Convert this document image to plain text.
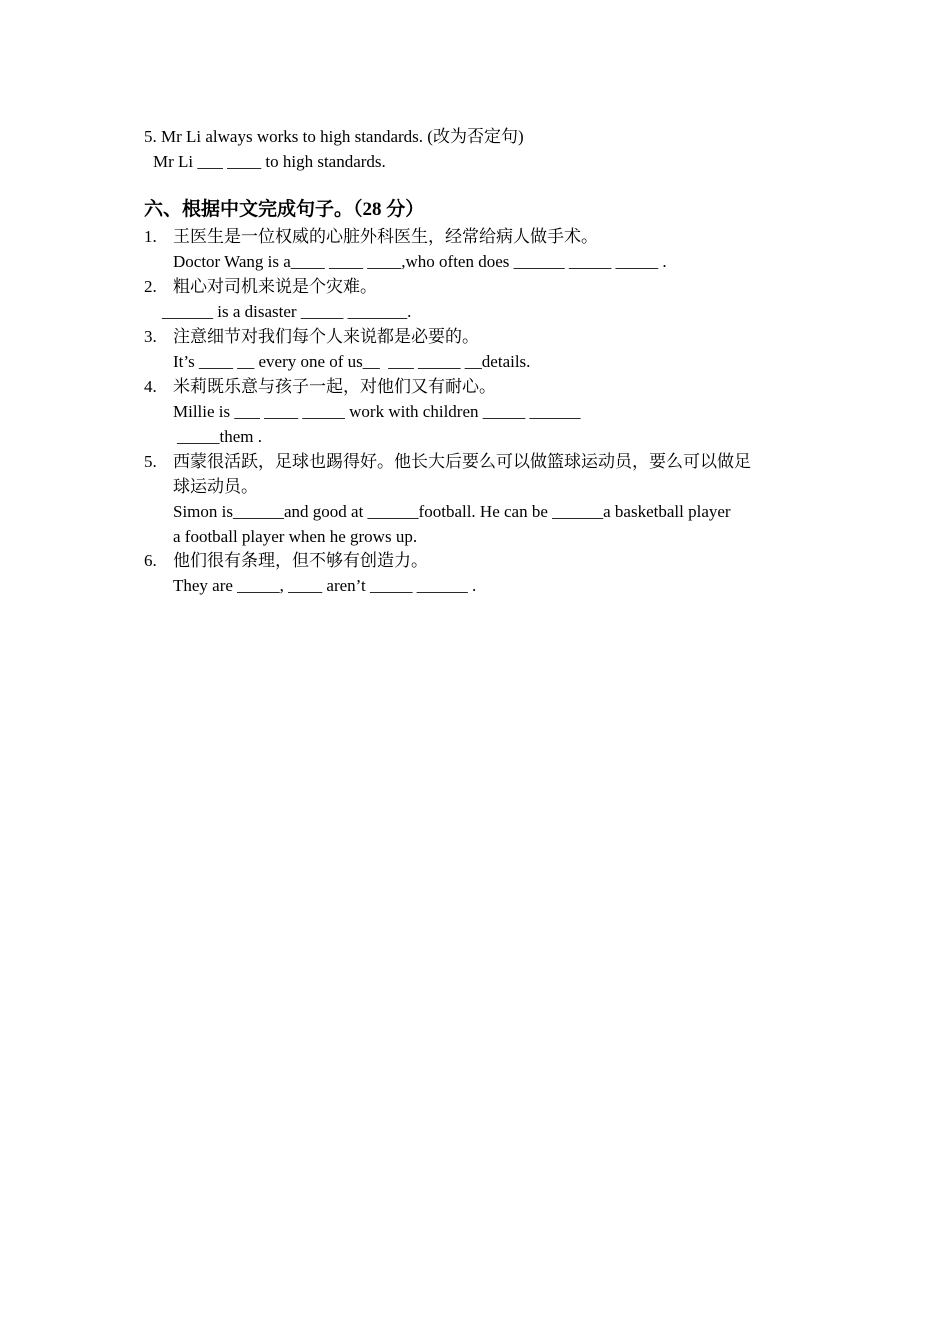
5. Mr Li always works to high standards. (改为否定句)
Mr Li ___ ____ to high standards.
六、根据中文完成句子。（28 分）
1. 王医生是一位权威的心脏外科医生，经常给病人做手术。
Doctor Wang is a____ ____ ____,who often does ______ _____ _____ .
2. 粗心对司机来说是个灾难。
______ is a disaster _____ _______.
3. 注意细节对我们每个人来说都是必要的。
It’s ____ __ every one of us__  ___ _____ __details.
4. 米莉既乐意与孩子一起，对他们又有耐心。
Millie is ___ ____ _____ work with children _____ ______
_____them .
5. 西蒙很活跃，足球也踢得好。他长大后要么可以做篮球运动员，要么可以做足
球运动员。
Simon is______and good at ______football. He can be ______a basketball player
a football player when he grows up.
6. 他们很有条理，但不够有创造力。
They are _____, ____ aren’t _____ ______ .
